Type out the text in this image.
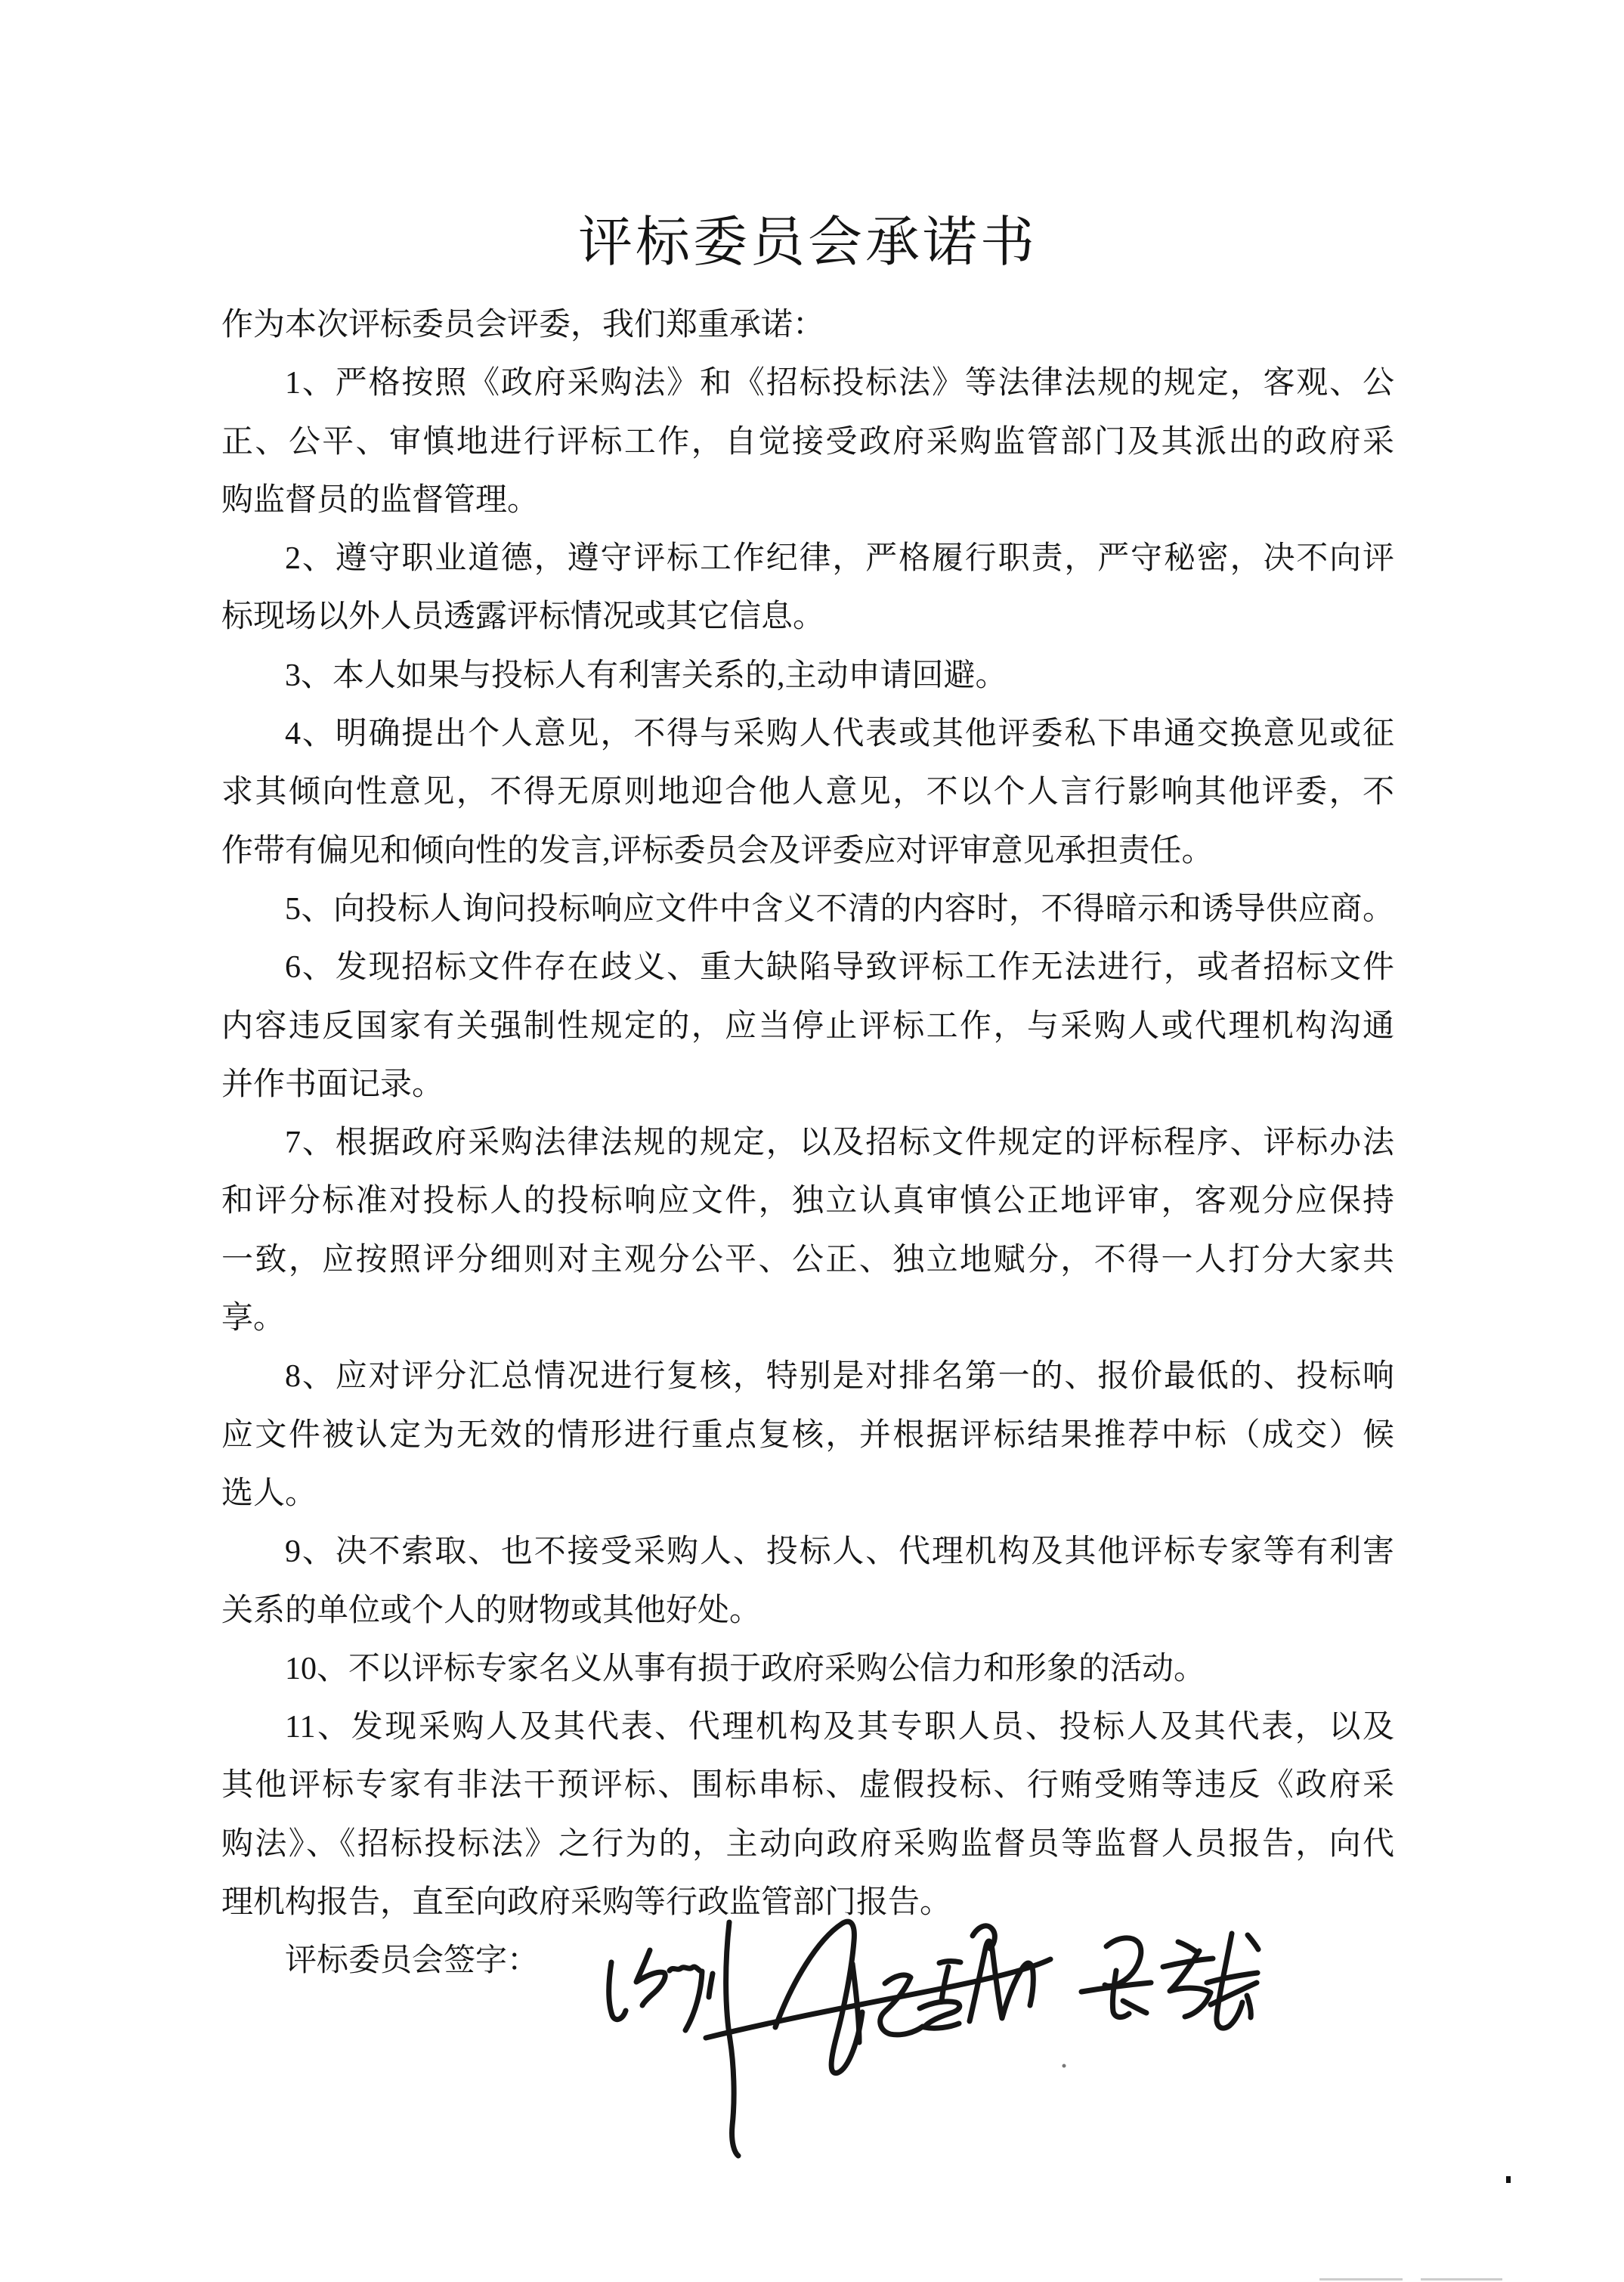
评标委员会承诺书
作为本次评标委员会评委，我们郑重承诺：
1、严格按照《政府采购法》和《招标投标法》等法律法规的规定，客观、公
正、公平、审慎地进行评标工作，自觉接受政府采购监管部门及其派出的政府采
购监督员的监督管理。
2、遵守职业道德，遵守评标工作纪律，严格履行职责，严守秘密，决不向评
标现场以外人员透露评标情况或其它信息。
3、本人如果与投标人有利害关系的,主动申请回避。
4、明确提出个人意见，不得与采购人代表或其他评委私下串通交换意见或征
求其倾向性意见，不得无原则地迎合他人意见，不以个人言行影响其他评委，不
作带有偏见和倾向性的发言,评标委员会及评委应对评审意见承担责任。
5、向投标人询问投标响应文件中含义不清的内容时，不得暗示和诱导供应商。
6、发现招标文件存在歧义、重大缺陷导致评标工作无法进行，或者招标文件
内容违反国家有关强制性规定的，应当停止评标工作，与采购人或代理机构沟通
并作书面记录。
7、根据政府采购法律法规的规定，以及招标文件规定的评标程序、评标办法
和评分标准对投标人的投标响应文件，独立认真审慎公正地评审，客观分应保持
一致，应按照评分细则对主观分公平、公正、独立地赋分，不得一人打分大家共
享。
8、应对评分汇总情况进行复核，特别是对排名第一的、报价最低的、投标响
应文件被认定为无效的情形进行重点复核，并根据评标结果推荐中标（成交）候
选人。
9、决不索取、也不接受采购人、投标人、代理机构及其他评标专家等有利害
关系的单位或个人的财物或其他好处。
10、不以评标专家名义从事有损于政府采购公信力和形象的活动。
11、发现采购人及其代表、代理机构及其专职人员、投标人及其代表，以及
其他评标专家有非法干预评标、围标串标、虚假投标、行贿受贿等违反《政府采
购法》、《招标投标法》之行为的，主动向政府采购监督员等监督人员报告，向代
理机构报告，直至向政府采购等行政监管部门报告。
评标委员会签字：
